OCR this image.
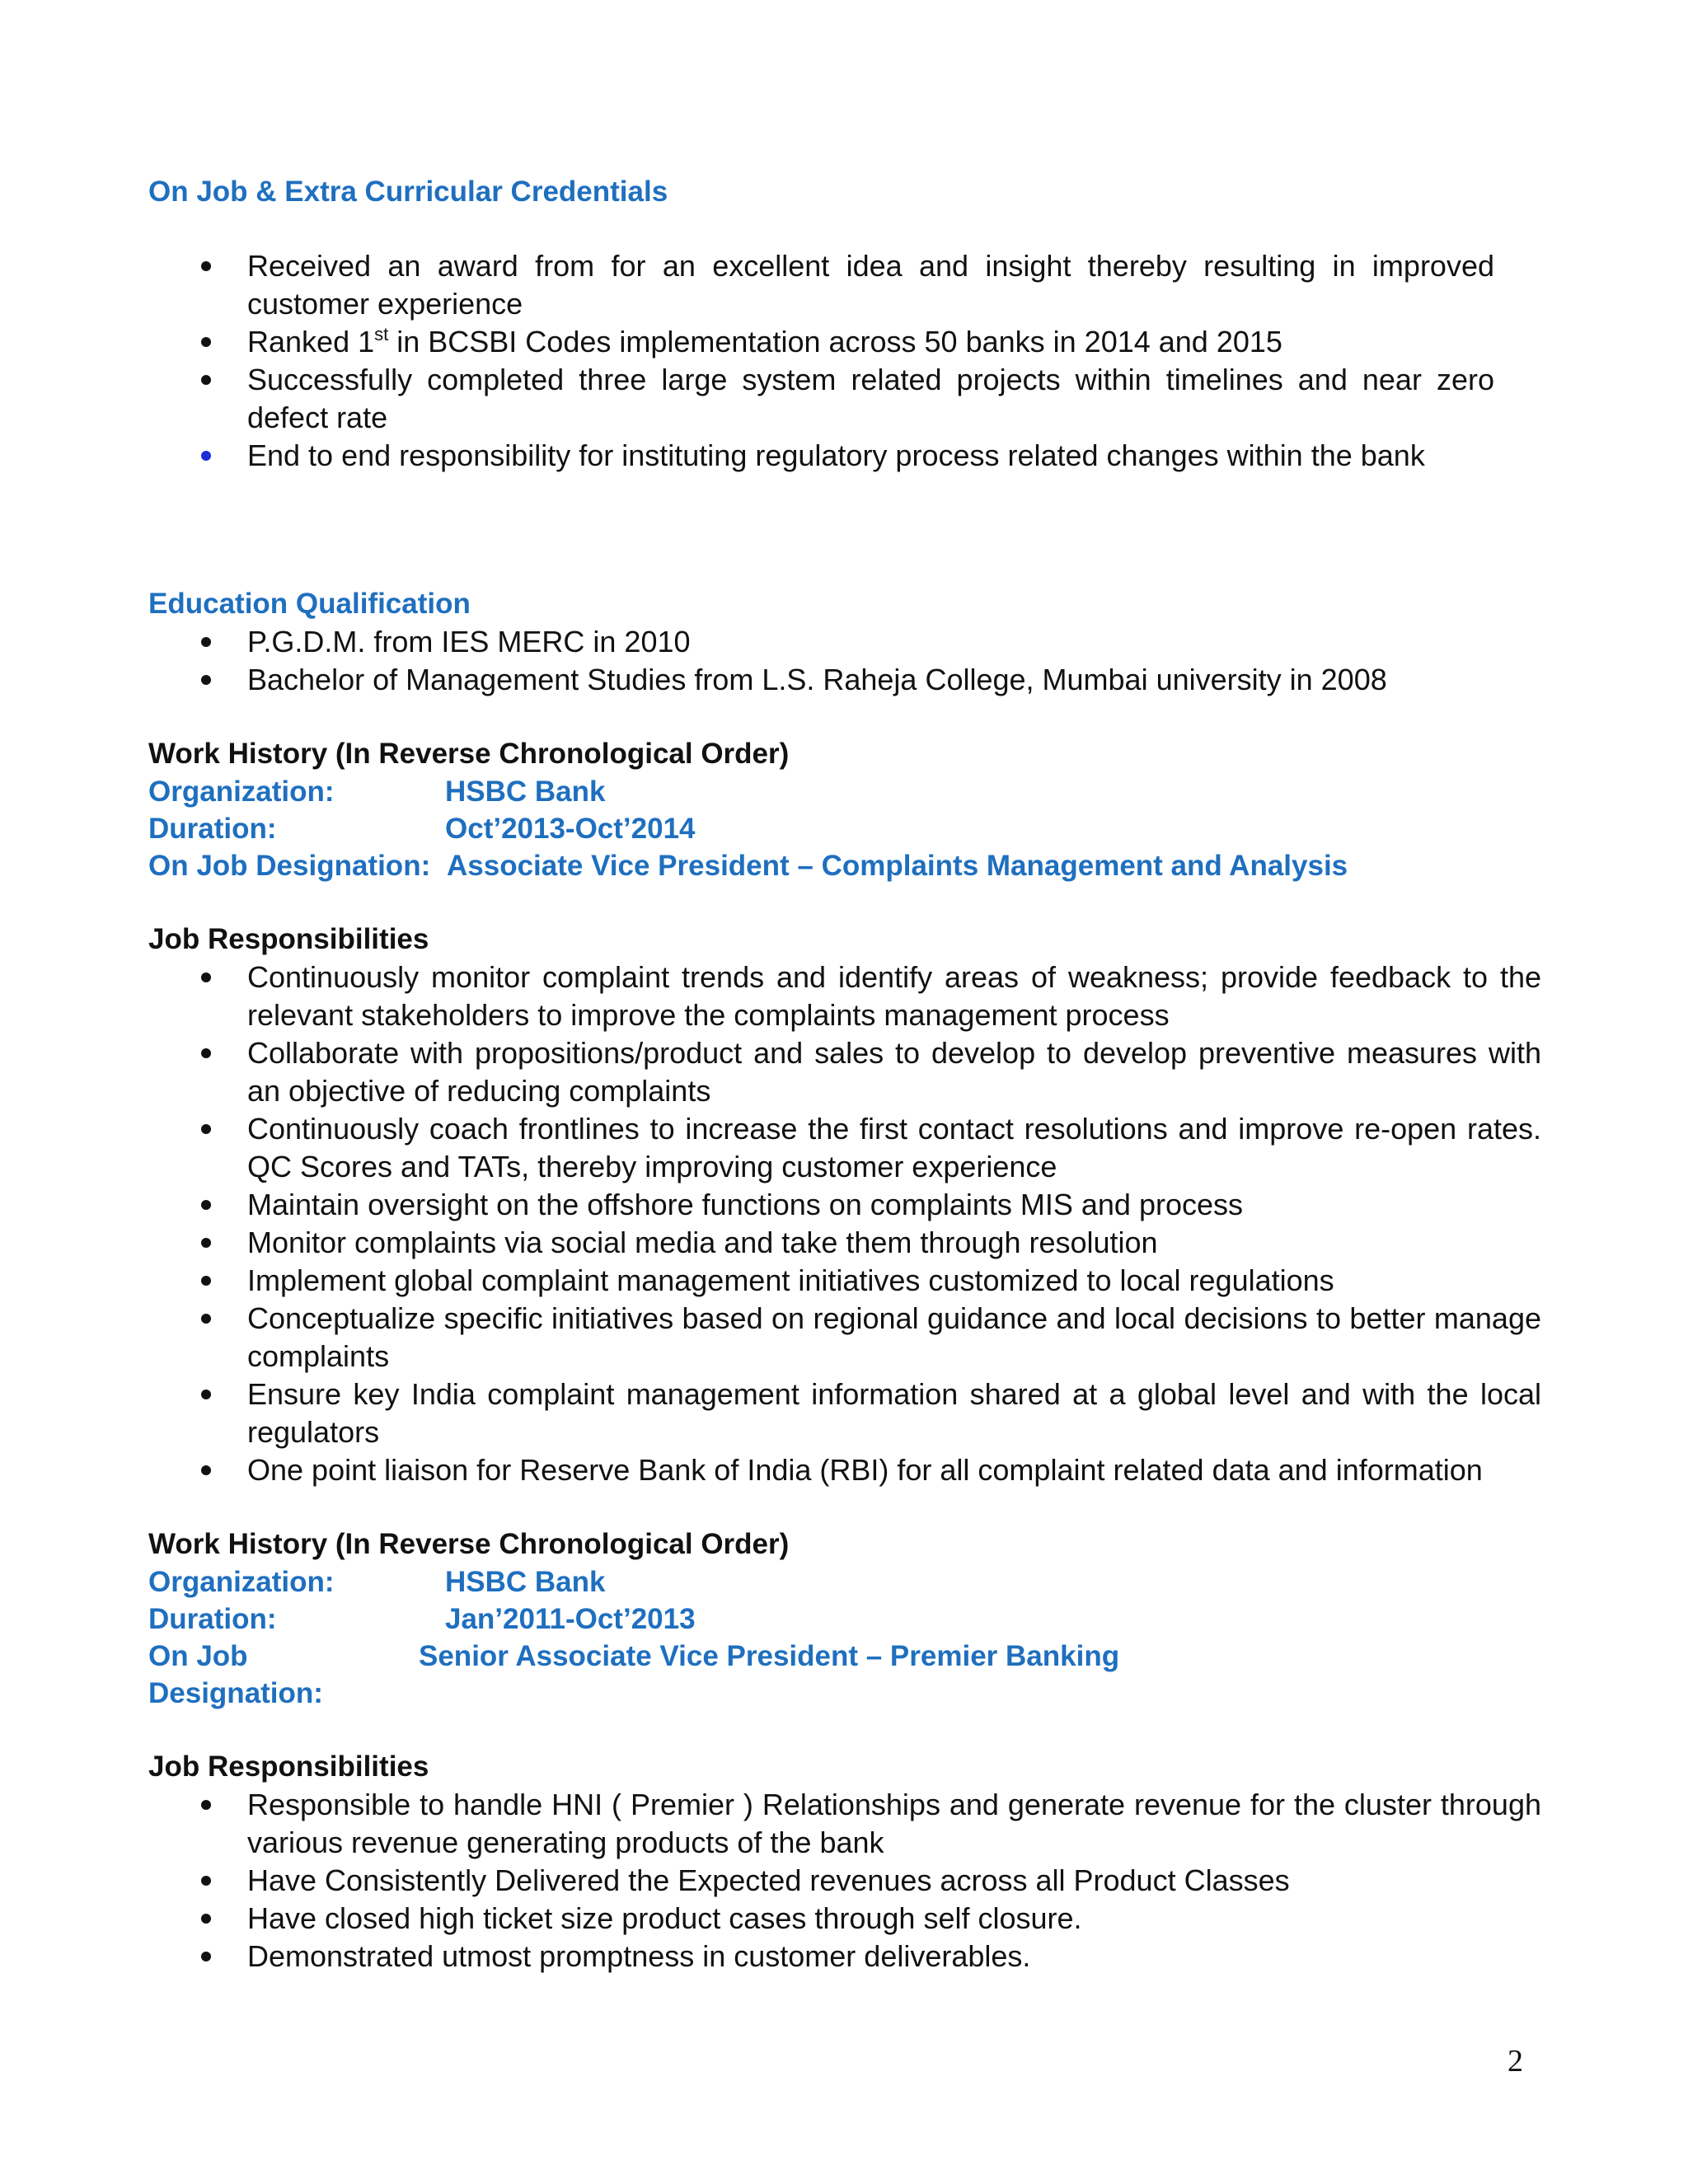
On Job & Extra Curricular Credentials
Received an award from for an excellent idea and insight thereby resulting in improved customer experience
Ranked 1st in BCSBI Codes implementation across 50 banks in 2014 and 2015
Successfully completed three large system related projects within timelines and near zero defect rate
End to end responsibility for instituting regulatory process related changes within the bank
Education Qualification
P.G.D.M. from IES MERC in 2010
Bachelor of Management Studies from L.S. Raheja College, Mumbai university in 2008
Work History (In Reverse Chronological Order)
Organization:	HSBC Bank
Duration:	Oct’2013-Oct’2014
On Job Designation: Associate Vice President – Complaints Management and Analysis
Job Responsibilities
Continuously monitor complaint trends and identify areas of weakness; provide feedback to the relevant stakeholders to improve the complaints management process
Collaborate with propositions/product and sales to develop to develop preventive measures with an objective of reducing complaints
Continuously coach frontlines to increase the first contact resolutions and improve re-open rates. QC Scores and TATs, thereby improving customer experience
Maintain oversight on the offshore functions on complaints MIS and process
Monitor complaints via social media and take them through resolution
Implement global complaint management initiatives customized to local regulations
Conceptualize specific initiatives based on regional guidance and local decisions to better manage complaints
Ensure key India complaint management information shared at a global level and with the local regulators
One point liaison for Reserve Bank of India (RBI) for all complaint related data and information
Work History (In Reverse Chronological Order)
Organization:	HSBC Bank
Duration:	Jan’2011-Oct’2013
On Job Designation:
Senior Associate Vice President – Premier Banking
Job Responsibilities
Responsible to handle HNI ( Premier ) Relationships and generate revenue for the cluster through various revenue generating products of the bank
Have Consistently Delivered the Expected revenues across all Product Classes
Have closed high ticket size product cases through self closure.
Demonstrated utmost promptness in customer deliverables.
2
